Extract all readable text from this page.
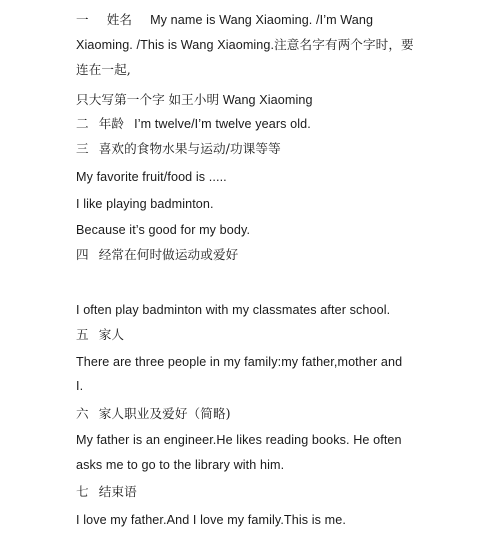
一 姓名 My name is Wang Xiaoming. /I’m Wang
Xiaoming. /This is Wang Xiaoming.注意名字有两个字时，要
连在一起,
只大写第一个字 如王小明 Wang Xiaoming
二 年龄 I’m twelve/I’m twelve years old.
三 喜欢的食物水果与运动/功课等等
My favorite fruit/food is .....
I like playing badminton.
Because it’s good for my body.
四 经常在何时做运动或爱好
I often play badminton with my classmates after school.
五 家人
There are three people in my family:my father,mother and
I.
六 家人职业及爱好（简略)
My father is an engineer.He likes reading books. He often
asks me to go to the library with him.
七 结束语
I love my father.And I love my family.This is me.
